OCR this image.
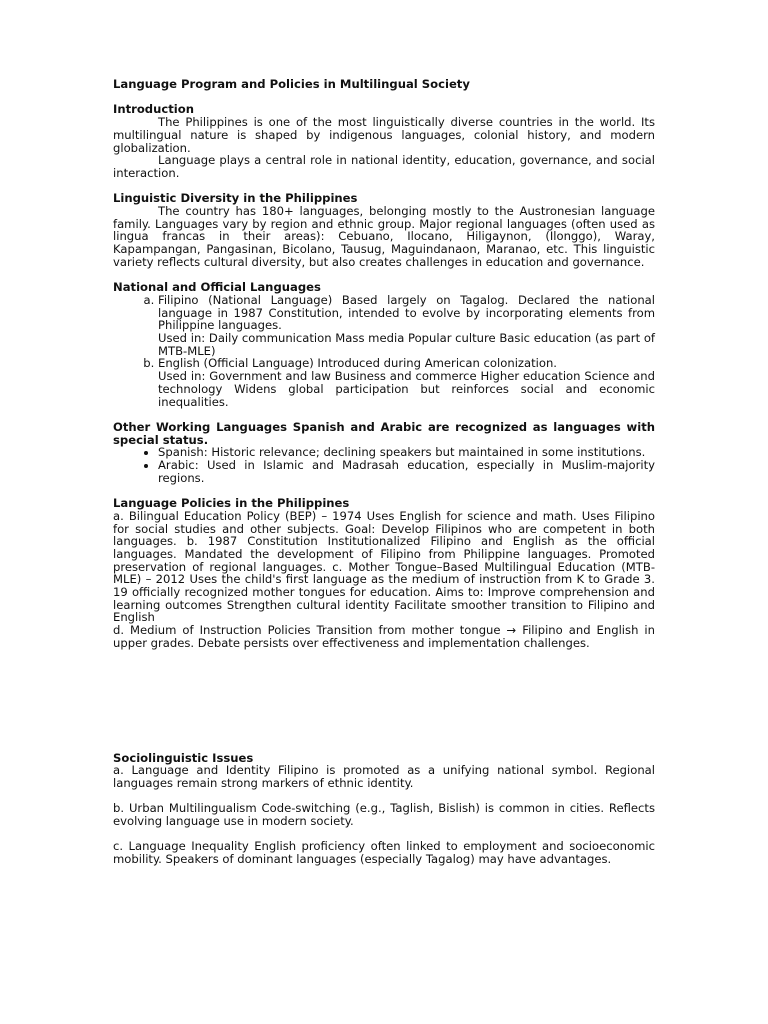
Language Program and Policies in Multilingual Society
Introduction

The Philippines is one of the most linguistically diverse countries in the world. Its multilingual nature is shaped by indigenous languages, colonial history, and modern globalization.

Language plays a central role in national identity, education, governance, and social interaction.

Linguistic Diversity in the Philippines

The country has 180+ languages, belonging mostly to the Austronesian language family. Languages vary by region and ethnic group. Major regional languages (often used as lingua francas in their areas): Cebuano, Ilocano, Hiligaynon, (Ilonggo), Waray, Kapampangan, Pangasinan, Bicolano, Tausug, Maguindanaon, Maranao, etc. This linguistic variety reflects cultural diversity, but also creates challenges in education and governance.

National and Official Languages
a. Filipino (National Language) Based largely on Tagalog. Declared the national language in 1987 Constitution, intended to evolve by incorporating elements from Philippine languages.
Used in: Daily communication Mass media Popular culture Basic education (as part of MTB-MLE)
b. English (Official Language) Introduced during American colonization.
Used in: Government and law Business and commerce Higher education Science and technology Widens global participation but reinforces social and economic inequalities.

Other Working Languages Spanish and Arabic are recognized as languages with special status.

• Spanish: Historic relevance; declining speakers but maintained in some institutions.
• Arabic: Used in Islamic and Madrasah education, especially in Muslim-majority regions.
Language Policies in the Philippines

a. Bilingual Education Policy (BEP) – 1974 Uses English for science and math. Uses Filipino for social studies and other subjects. Goal: Develop Filipinos who are competent in both languages. b. 1987 Constitution Institutionalized Filipino and English as the official languages. Mandated the development of Filipino from Philippine languages. Promoted preservation of regional languages. c. Mother Tongue–Based Multilingual Education (MTB-MLE) – 2012 Uses the child's first language as the medium of instruction from K to Grade 3. 19 officially recognized mother tongues for education. Aims to: Improve comprehension and learning outcomes Strengthen cultural identity Facilitate smoother transition to Filipino and English

d. Medium of Instruction Policies Transition from mother tongue → Filipino and English in upper grades. Debate persists over effectiveness and implementation challenges.

Sociolinguistic Issues

a. Language and Identity Filipino is promoted as a unifying national symbol. Regional languages remain strong markers of ethnic identity.

b. Urban Multilingualism Code-switching (e.g., Taglish, Bislish) is common in cities. Reflects evolving language use in modern society.

c. Language Inequality English proficiency often linked to employment and socioeconomic mobility. Speakers of dominant languages (especially Tagalog) may have advantages.
